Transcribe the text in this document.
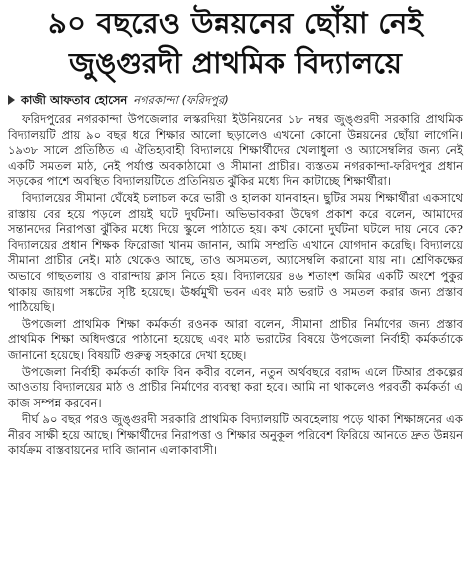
৯০ বছরেও উন্নয়নের ছোঁয়া নেই
জুঙ্গুরদী প্রাথমিক বিদ্যালয়ে
কাজী আফতাব হোসেন নগরকান্দা (ফরিদপুর)

ফরিদপুরের নগরকান্দা উপজেলার লস্করদিয়া ইউনিয়নের ১৮ নম্বর জুঙ্গুরদী সরকারি প্রাথমিক বিদ্যালয়টি প্রায় ৯০ বছর ধরে শিক্ষার আলো ছড়ালেও এখনো কোনো উন্নয়নের ছোঁয়া লাগেনি। ১৯৩৮ সালে প্রতিষ্ঠিত এ ঐতিহ্যবাহী বিদ্যালয়ে শিক্ষার্থীদের খেলাধুলা ও অ্যাসেম্বলির জন্য নেই একটি সমতল মাঠ, নেই পর্যাপ্ত অবকাঠামো ও সীমানা প্রাচীর। ব্যস্ততম নগরকান্দা-ফরিদপুর প্রধান সড়কের পাশে অবস্থিত বিদ্যালয়টিতে প্রতিনিয়ত ঝুঁকির মধ্যে দিন কাটাচ্ছে শিক্ষার্থীরা।

বিদ্যালয়ের সীমানা ঘেঁষেই চলাচল করে ভারী ও হালকা যানবাহন। ছুটির সময় শিক্ষার্থীরা একসাথে রাস্তায় বের হয়ে পড়লে প্রায়ই ঘটে দুর্ঘটনা। অভিভাবকরা উদ্বেগ প্রকাশ করে বলেন, আমাদের সন্তানদের নিরাপত্তা ঝুঁকির মধ্যে দিয়ে স্কুলে পাঠাতে হয়। কখ কোনো দুর্ঘটনা ঘটলে দায় নেবে কে? বিদ্যালয়ের প্রধান শিক্ষক ফিরোজা খানম জানান, আমি সম্প্রতি এখানে যোগদান করেছি। বিদ্যালয়ে সীমানা প্রাচীর নেই। মাঠ থেকেও আছে, তাও অসমতল, অ্যাসেম্বলি করানো যায় না। শ্রেণিকক্ষের অভাবে গাছতলায় ও বারান্দায় ক্লাস নিতে হয়। বিদ্যালয়ের ৪৬ শতাংশ জমির একটি অংশে পুকুর থাকায় জায়গা সঙ্কটের সৃষ্টি হয়েছে। ঊর্ধ্বমুখী ভবন এবং মাঠ ভরাট ও সমতল করার জন্য প্রস্তাব পাঠিয়েছি।

উপজেলা প্রাথমিক শিক্ষা কর্মকর্তা রওনক আরা বলেন, সীমানা প্রাচীর নির্মাণের জন্য প্রস্তাব প্রাথমিক শিক্ষা অধিদপ্তরে পাঠানো হয়েছে এবং মাঠ ভরাটের বিষয়ে উপজেলা নির্বাহী কর্মকর্তাকে জানানো হয়েছে। বিষয়টি গুরুত্ব সহকারে দেখা হচ্ছে।

উপজেলা নির্বাহী কর্মকর্তা কাফি বিন কবীর বলেন, নতুন অর্থবছরে বরাদ্দ এলে টিআর প্রকল্পের আওতায় বিদ্যালয়ের মাঠ ও প্রাচীর নির্মাণের ব্যবস্থা করা হবে। আমি না থাকলেও পরবর্তী কর্মকর্তা এ কাজ সম্পন্ন করবেন।

দীর্ঘ ৯০ বছর পরও জুঙ্গুরদী সরকারি প্রাথমিক বিদ্যালয়টি অবহেলায় পড়ে থাকা শিক্ষাঙ্গনের এক নীরব সাক্ষী হয়ে আছে। শিক্ষার্থীদের নিরাপত্তা ও শিক্ষার অনুকূল পরিবেশ ফিরিয়ে আনতে দ্রুত উন্নয়ন কার্যক্রম বাস্তবায়নের দাবি জানান এলাকাবাসী।
